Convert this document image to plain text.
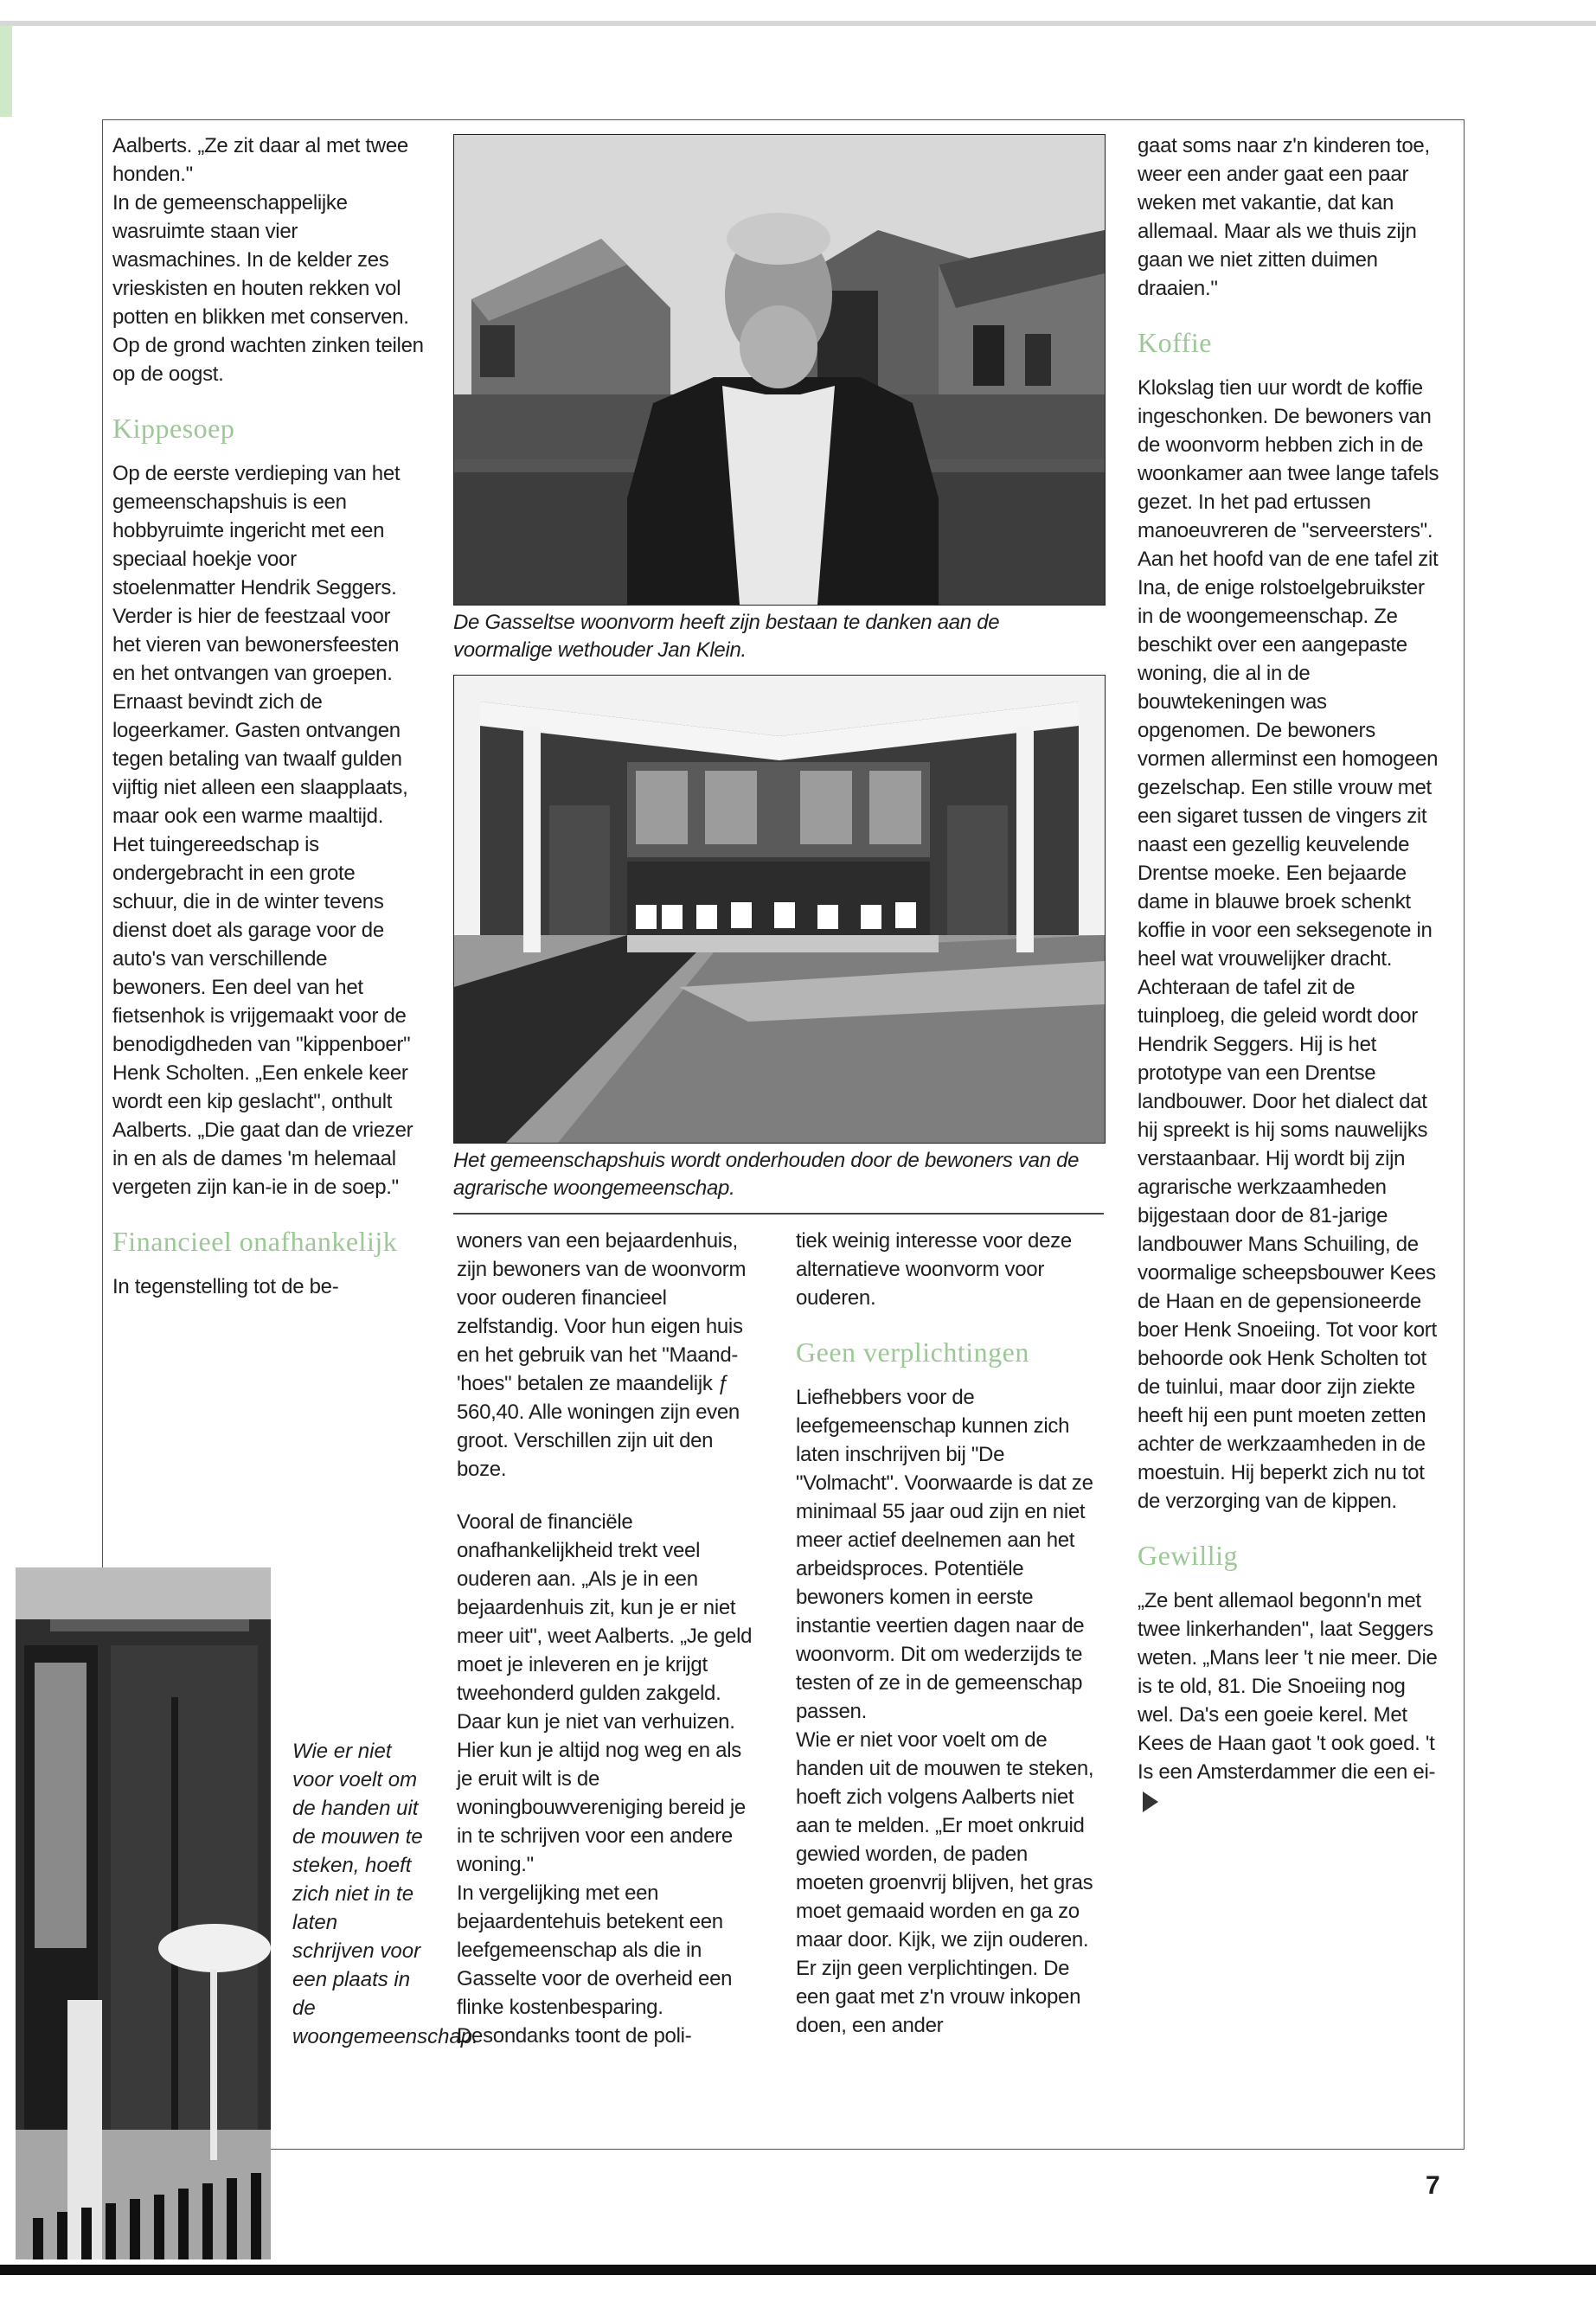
Aalberts. „Ze zit daar al met twee honden."

In de gemeenschappelijke wasruimte staan vier wasmachines. In de kelder zes vrieskisten en houten rekken vol potten en blikken met conserven. Op de grond wachten zinken teilen op de oogst.

Kippesoep

Op de eerste verdieping van het gemeenschapshuis is een hobbyruimte ingericht met een speciaal hoekje voor stoelenmatter Hendrik Seggers. Verder is hier de feestzaal voor het vieren van bewonersfeesten en het ontvangen van groepen. Ernaast bevindt zich de logeerkamer. Gasten ontvangen tegen betaling van twaalf gulden vijftig niet alleen een slaapplaats, maar ook een warme maaltijd.

Het tuingereedschap is ondergebracht in een grote schuur, die in de winter tevens dienst doet als garage voor de auto's van verschillende bewoners. Een deel van het fietsenhok is vrijgemaakt voor de benodigdheden van "kippenboer" Henk Scholten. „Een enkele keer wordt een kip geslacht", onthult Aalberts. „Die gaat dan de vriezer in en als de dames 'm helemaal vergeten zijn kan-ie in de soep."

Financieel onafhankelijk

In tegenstelling tot de be-

Wie er niet voor voelt om de handen uit de mouwen te steken, hoeft zich niet in te laten schrijven voor een plaats in de woongemeenschap.
De Gasseltse woonvorm heeft zijn bestaan te danken aan de voormalige wethouder Jan Klein.
Het gemeenschapshuis wordt onderhouden door de bewoners van de agrarische woongemeenschap.

woners van een bejaardenhuis, zijn bewoners van de woonvorm voor ouderen financieel zelfstandig. Voor hun eigen huis en het gebruik van het "Maand-'hoes" betalen ze maandelijk ƒ 560,40. Alle woningen zijn even groot. Verschillen zijn uit den boze.

Vooral de financiële onafhankelijkheid trekt veel ouderen aan. „Als je in een bejaardenhuis zit, kun je er niet meer uit", weet Aalberts. „Je geld moet je inleveren en je krijgt tweehonderd gulden zakgeld. Daar kun je niet van verhuizen. Hier kun je altijd nog weg en als je eruit wilt is de woningbouwvereniging bereid je in te schrijven voor een andere woning."

In vergelijking met een bejaardentehuis betekent een leefgemeenschap als die in Gasselte voor de overheid een flinke kostenbesparing. Desondanks toont de poli-

tiek weinig interesse voor deze alternatieve woonvorm voor ouderen.

Geen verplichtingen

Liefhebbers voor de leefgemeenschap kunnen zich laten inschrijven bij "De "Volmacht". Voorwaarde is dat ze minimaal 55 jaar oud zijn en niet meer actief deelnemen aan het arbeidsproces. Potentiële bewoners komen in eerste instantie veertien dagen naar de woonvorm. Dit om wederzijds te testen of ze in de gemeenschap passen.

Wie er niet voor voelt om de handen uit de mouwen te steken, hoeft zich volgens Aalberts niet aan te melden. „Er moet onkruid gewied worden, de paden moeten groenvrij blijven, het gras moet gemaaid worden en ga zo maar door. Kijk, we zijn ouderen. Er zijn geen verplichtingen. De een gaat met z'n vrouw inkopen doen, een ander

gaat soms naar z'n kinderen toe, weer een ander gaat een paar weken met vakantie, dat kan allemaal. Maar als we thuis zijn gaan we niet zitten duimen draaien."

Koffie

Klokslag tien uur wordt de koffie ingeschonken. De bewoners van de woonvorm hebben zich in de woonkamer aan twee lange tafels gezet. In het pad ertussen manoeuvreren de "serveersters". Aan het hoofd van de ene tafel zit Ina, de enige rolstoelgebruikster in de woongemeenschap. Ze beschikt over een aangepaste woning, die al in de bouwtekeningen was opgenomen. De bewoners vormen allerminst een homogeen gezelschap. Een stille vrouw met een sigaret tussen de vingers zit naast een gezellig keuvelende Drentse moeke. Een bejaarde dame in blauwe broek schenkt koffie in voor een seksegenote in heel wat vrouwelijker dracht.

Achteraan de tafel zit de tuinploeg, die geleid wordt door Hendrik Seggers. Hij is het prototype van een Drentse landbouwer. Door het dialect dat hij spreekt is hij soms nauwelijks verstaanbaar. Hij wordt bij zijn agrarische werkzaamheden bijgestaan door de 81-jarige landbouwer Mans Schuiling, de voormalige scheepsbouwer Kees de Haan en de gepensioneerde boer Henk Snoeiing. Tot voor kort behoorde ook Henk Scholten tot de tuinlui, maar door zijn ziekte heeft hij een punt moeten zetten achter de werkzaamheden in de moestuin. Hij beperkt zich nu tot de verzorging van de kippen.

Gewillig

„Ze bent allemaol begonn'n met twee linkerhanden", laat Seggers weten. „Mans leer 't nie meer. Die is te old, 81. Die Snoeiing nog wel. Da's een goeie kerel. Met Kees de Haan gaot 't ook goed. 't Is een Amsterdammer die een ei-

7
